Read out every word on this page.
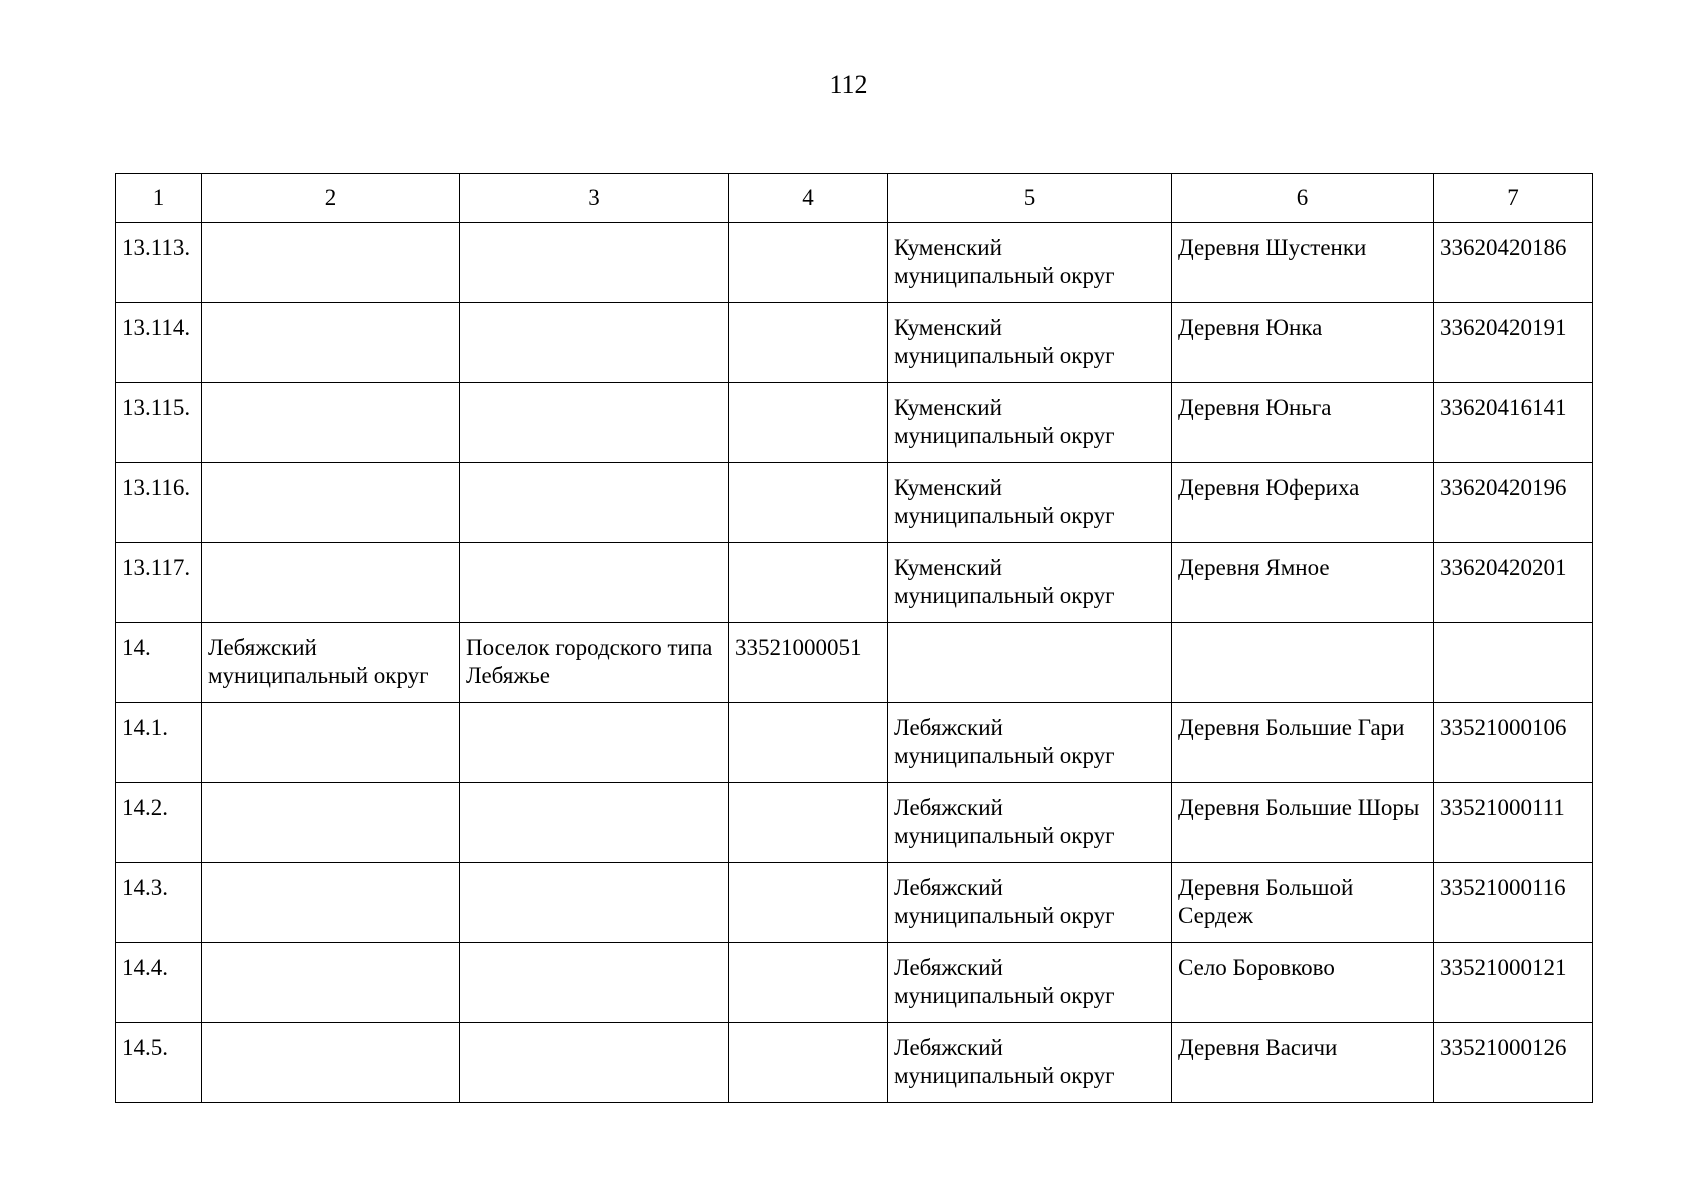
112
1	2	3	4	5	6	7
13.113.				Куменский муниципальный округ	Деревня Шустенки	33620420186
13.114.				Куменский муниципальный округ	Деревня Юнка	33620420191
13.115.				Куменский муниципальный округ	Деревня Юньга	33620416141
13.116.				Куменский муниципальный округ	Деревня Юфериха	33620420196
13.117.				Куменский муниципальный округ	Деревня Ямное	33620420201
14.	Лебяжский муниципальный округ	Поселок городского типа Лебяжье	33521000051			
14.1.				Лебяжский муниципальный округ	Деревня Большие Гари	33521000106
14.2.				Лебяжский муниципальный округ	Деревня Большие Шоры	33521000111
14.3.				Лебяжский муниципальный округ	Деревня Большой Сердеж	33521000116
14.4.				Лебяжский муниципальный округ	Село Боровково	33521000121
14.5.				Лебяжский муниципальный округ	Деревня Васичи	33521000126
